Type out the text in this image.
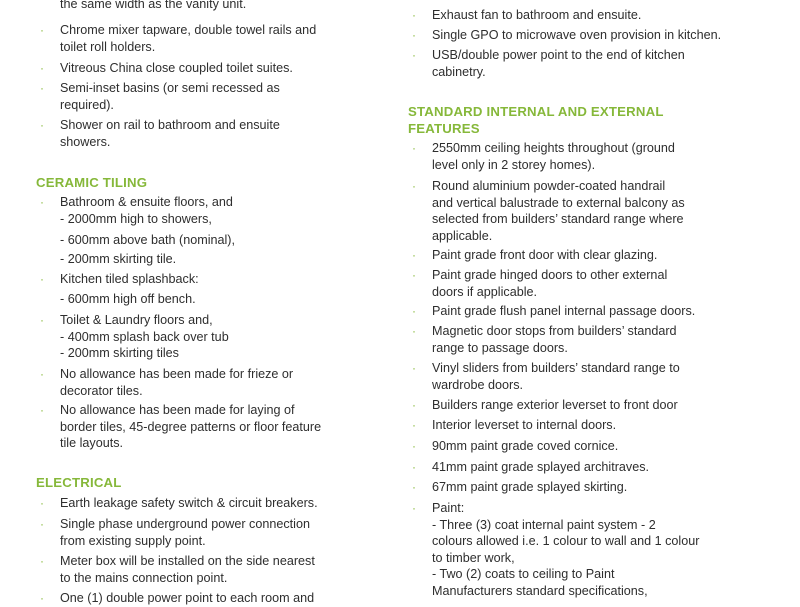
the same width as the vanity unit.
· Chrome mixer tapware, double towel rails and
toilet roll holders.
· Vitreous China close coupled toilet suites.
· Semi-inset basins (or semi recessed as
required).
· Shower on rail to bathroom and ensuite
showers.
CERAMIC TILING
· Bathroom & ensuite floors, and
- 2000mm high to showers,
- 600mm above bath (nominal),
- 200mm skirting tile.
· Kitchen tiled splashback:
- 600mm high off bench.
· Toilet & Laundry floors and,
- 400mm splash back over tub
- 200mm skirting tiles
· No allowance has been made for frieze or
decorator tiles.
· No allowance has been made for laying of
border tiles, 45-degree patterns or floor feature
tile layouts.
ELECTRICAL
· Earth leakage safety switch & circuit breakers.
· Single phase underground power connection
from existing supply point.
· Meter box will be installed on the side nearest
to the mains connection point.
· One (1) double power point to each room and
· Exhaust fan to bathroom and ensuite.
· Single GPO to microwave oven provision in kitchen.
· USB/double power point to the end of kitchen
cabinetry.
STANDARD INTERNAL AND EXTERNAL
FEATURES
· 2550mm ceiling heights throughout (ground
level only in 2 storey homes).
· Round aluminium powder-coated handrail
and vertical balustrade to external balcony as
selected from builders’ standard range where
applicable.
· Paint grade front door with clear glazing.
· Paint grade hinged doors to other external
doors if applicable.
· Paint grade flush panel internal passage doors.
· Magnetic door stops from builders’ standard
range to passage doors.
· Vinyl sliders from builders’ standard range to
wardrobe doors.
· Builders range exterior leverset to front door
· Interior leverset to internal doors.
· 90mm paint grade coved cornice.
· 41mm paint grade splayed architraves.
· 67mm paint grade splayed skirting.
· Paint:
- Three (3) coat internal paint system - 2
colours allowed i.e. 1 colour to wall and 1 colour
to timber work,
- Two (2) coats to ceiling to Paint
Manufacturers standard specifications,
